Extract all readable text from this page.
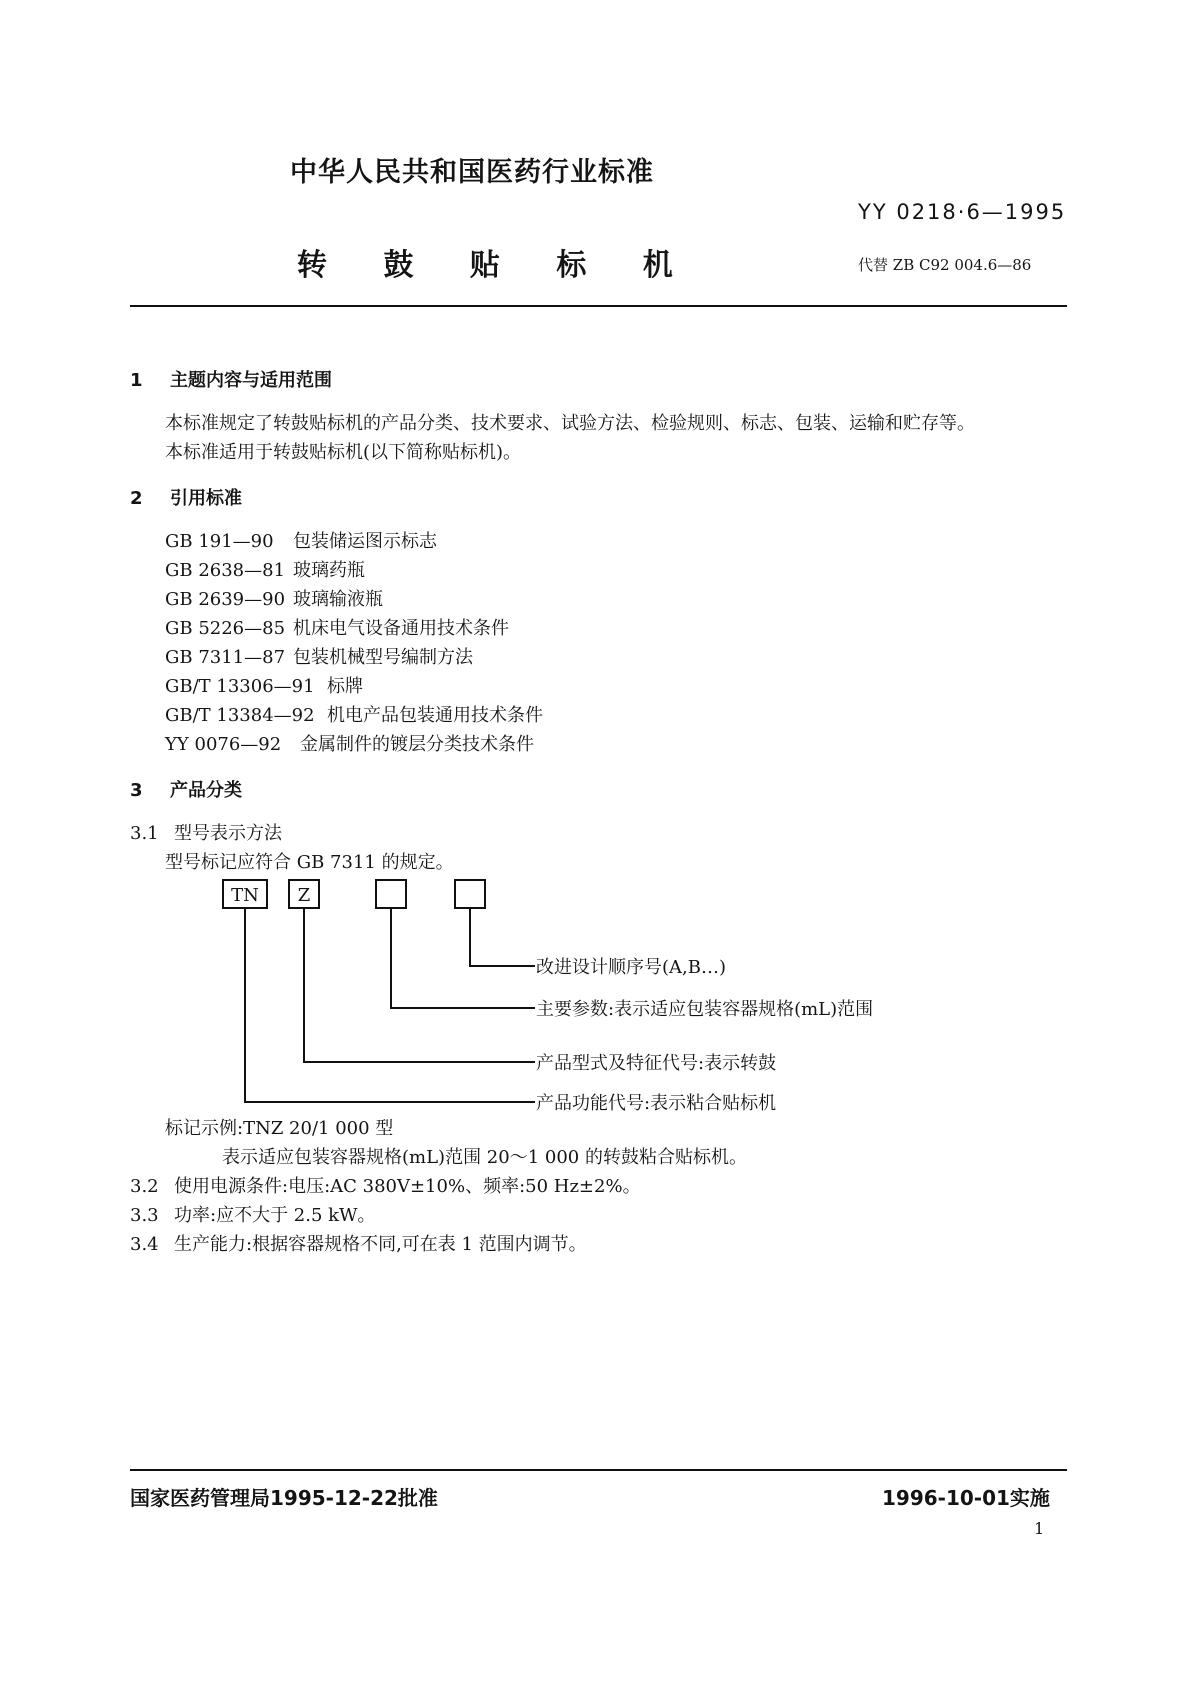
中华人民共和国医药行业标准
YY 0218·6—1995
转 鼓 贴 标 机	代替 ZB C92 004.6—86
1 主题内容与适用范围
本标准规定了转鼓贴标机的产品分类、技术要求、试验方法、检验规则、标志、包装、运输和贮存等。
本标准适用于转鼓贴标机(以下简称贴标机)。
2 引用标准
GB 191—90 包装储运图示标志
GB 2638—81 玻璃药瓶
GB 2639—90 玻璃输液瓶
GB 5226—85 机床电气设备通用技术条件
GB 7311—87 包装机械型号编制方法
GB/T 13306—91 标牌
GB/T 13384—92 机电产品包装通用技术条件
YY 0076—92 金属制件的镀层分类技术条件
3 产品分类
3.1 型号表示方法
型号标记应符合 GB 7311 的规定。
TN	Z
改进设计顺序号(A,B…)
主要参数:表示适应包装容器规格(mL)范围
产品型式及特征代号:表示转鼓
产品功能代号:表示粘合贴标机
标记示例:TNZ 20/1 000 型
表示适应包装容器规格(mL)范围 20～1 000 的转鼓粘合贴标机。
3.2 使用电源条件:电压:AC 380V±10%、频率:50 Hz±2%。
3.3 功率:应不大于 2.5 kW。
3.4 生产能力:根据容器规格不同,可在表 1 范围内调节。
国家医药管理局1995-12-22批准	1996-10-01实施
1
